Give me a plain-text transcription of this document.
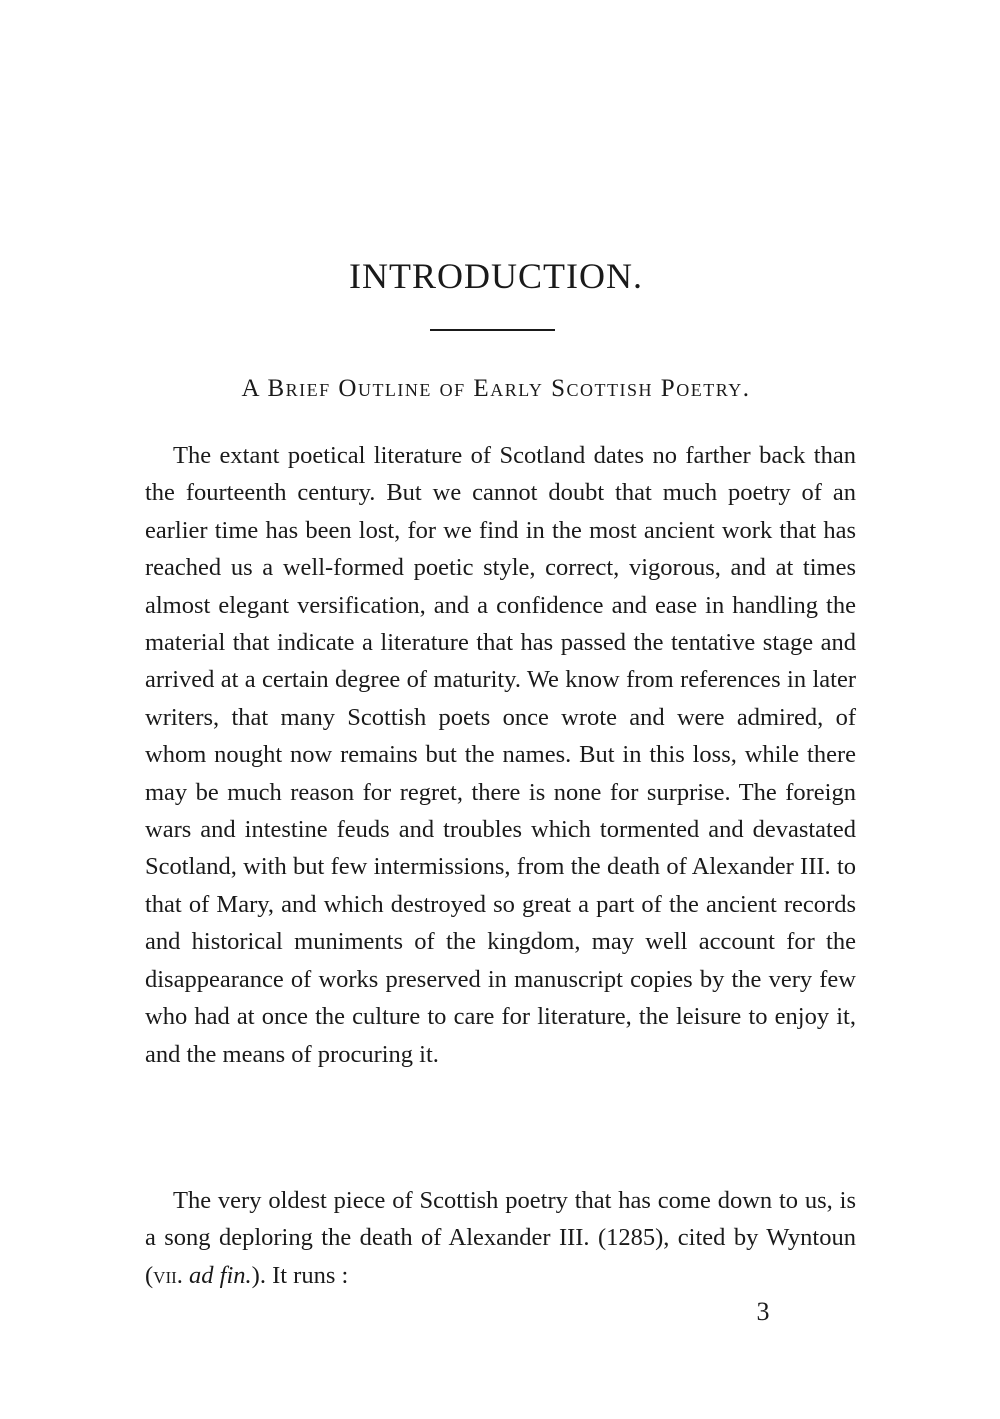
INTRODUCTION.
A Brief Outline of Early Scottish Poetry.

The extant poetical literature of Scotland dates no farther back than the fourteenth century. But we cannot doubt that much poetry of an earlier time has been lost, for we find in the most ancient work that has reached us a well-formed poetic style, correct, vigorous, and at times almost elegant versification, and a confidence and ease in handling the material that indicate a literature that has passed the tentative stage and arrived at a certain degree of maturity. We know from references in later writers, that many Scottish poets once wrote and were admired, of whom nought now remains but the names. But in this loss, while there may be much reason for regret, there is none for surprise. The foreign wars and intestine feuds and troubles which tormented and devastated Scotland, with but few intermissions, from the death of Alexander III. to that of Mary, and which destroyed so great a part of the ancient records and historical muniments of the kingdom, may well account for the disappearance of works preserved in manuscript copies by the very few who had at once the culture to care for literature, the leisure to enjoy it, and the means of procuring it.

The very oldest piece of Scottish poetry that has come down to us, is a song deploring the death of Alexander III. (1285), cited by Wyntoun (vii. ad fin.). It runs :

3
